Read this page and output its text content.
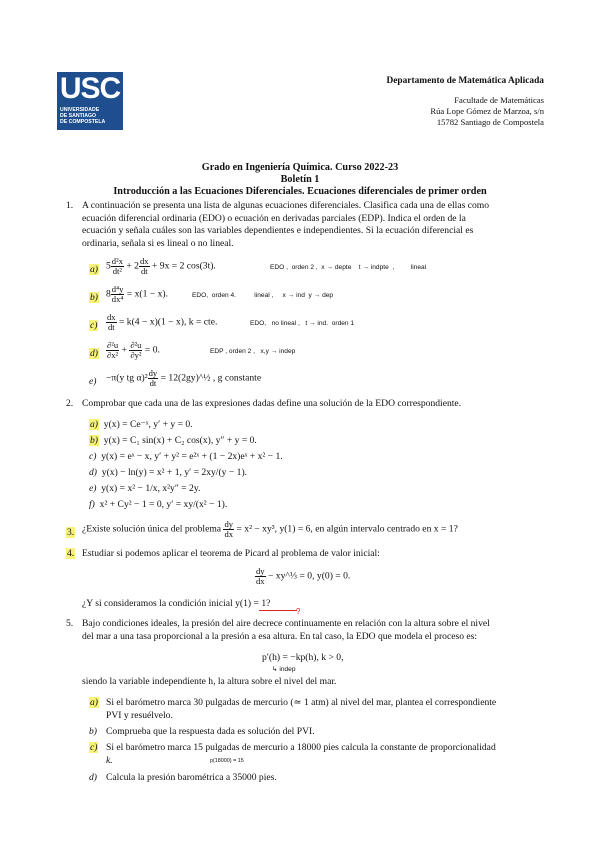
USC
UNIVERSIDADE
DE SANTIAGO
DE COMPOSTELA
Departamento de Matemática Aplicada
Facultade de Matemáticas
Rúa Lope Gómez de Marzoa, s/n
15782 Santiago de Compostela
Grado en Ingeniería Química. Curso 2022-23
Boletín 1
Introducción a las Ecuaciones Diferenciales. Ecuaciones diferenciales de primer orden
1. A continuación se presenta una lista de algunas ecuaciones diferenciales. Clasifica cada una de ellas como
ecuación diferencial ordinaria (EDO) o ecuación en derivadas parciales (EDP). Indica el orden de la
ecuación y señala cuáles son las variables dependientes e independientes. Si la ecuación diferencial es
ordinaria, señala si es lineal o no lineal.
a) $5 \frac{\text{d²x}}{\text{dt²}} + 2 \frac{dx}{dt} + 9x = 2$ cos(3t).	EDO ,  orden 2 ,  x → depte    t → indpte  ,         lineal
b) $8 \frac{\text{d⁴y}}{\text{dx⁴}} = x(1 - x)$.	EDO,  orden 4.          lineal ,     x → ind  y → dep
$c) \frac{dx}{dt} = k(4 - x)(1 - x)$, k = cte.	EDO,   no lineal ,   t → ind.  orden 1
$d) \frac{\text{∂²u}}{\text{∂x²}} + \frac{\text{∂²u}}{\text{∂y²}} = 0$.	EDP , orden 2 ,   x,y → indep
e) −π(y tg $\alpha)^2 \frac{dy}{dt}$ = 12(2gy)^½ , g constante
2. Comprobar que cada una de las expresiones dadas define una solución de la EDO correspondiente.
a) y(x) = Ce⁻ˣ, y′ + y = 0.
b) y(x) = C₁ sin(x) + C₂ cos(x), y″ + y = 0.
c) y(x) = eˣ − x, y′ + y² = e²ˣ + (1 − 2x)eˣ + x² − 1.
d) y(x) − ln(y) = x² + 1, y′ = 2xy/(y − 1).
e) y(x) = x² − 1/x, x²y″ = 2y.
f) x² + Cy² − 1 = 0, y′ = xy/(x² − 1).
3. ¿Existe solución única del problema $\frac{dy}{dx} = x^2 - xy^3$, y(1) = 6, en algún intervalo centrado en x = 1?
4. Estudiar si podemos aplicar el teorema de Picard al problema de valor inicial:
$\frac{dy}{dx}$ − xy^⅓ = 0, y(0) = 0.
¿Y si consideramos la condición inicial y(1) = 1?
?
5. Bajo condiciones ideales, la presión del aire decrece continuamente en relación con la altura sobre el nivel
del mar a una tasa proporcional a la presión a esa altura. En tal caso, la EDO que modela el proceso es:
p′(h) = −kp(h), k > 0,
↳ indep
siendo la variable independiente h, la altura sobre el nivel del mar.
a) Si el barómetro marca 30 pulgadas de mercurio (≃ 1 atm) al nivel del mar, plantea el correspondiente
PVI y resuélvelo.
b) Comprueba que la respuesta dada es solución del PVI.
c) Si el barómetro marca 15 pulgadas de mercurio a 18000 pies calcula la constante de proporcionalidad
k.	p(18000) = 15
d) Calcula la presión barométrica a 35000 pies.
